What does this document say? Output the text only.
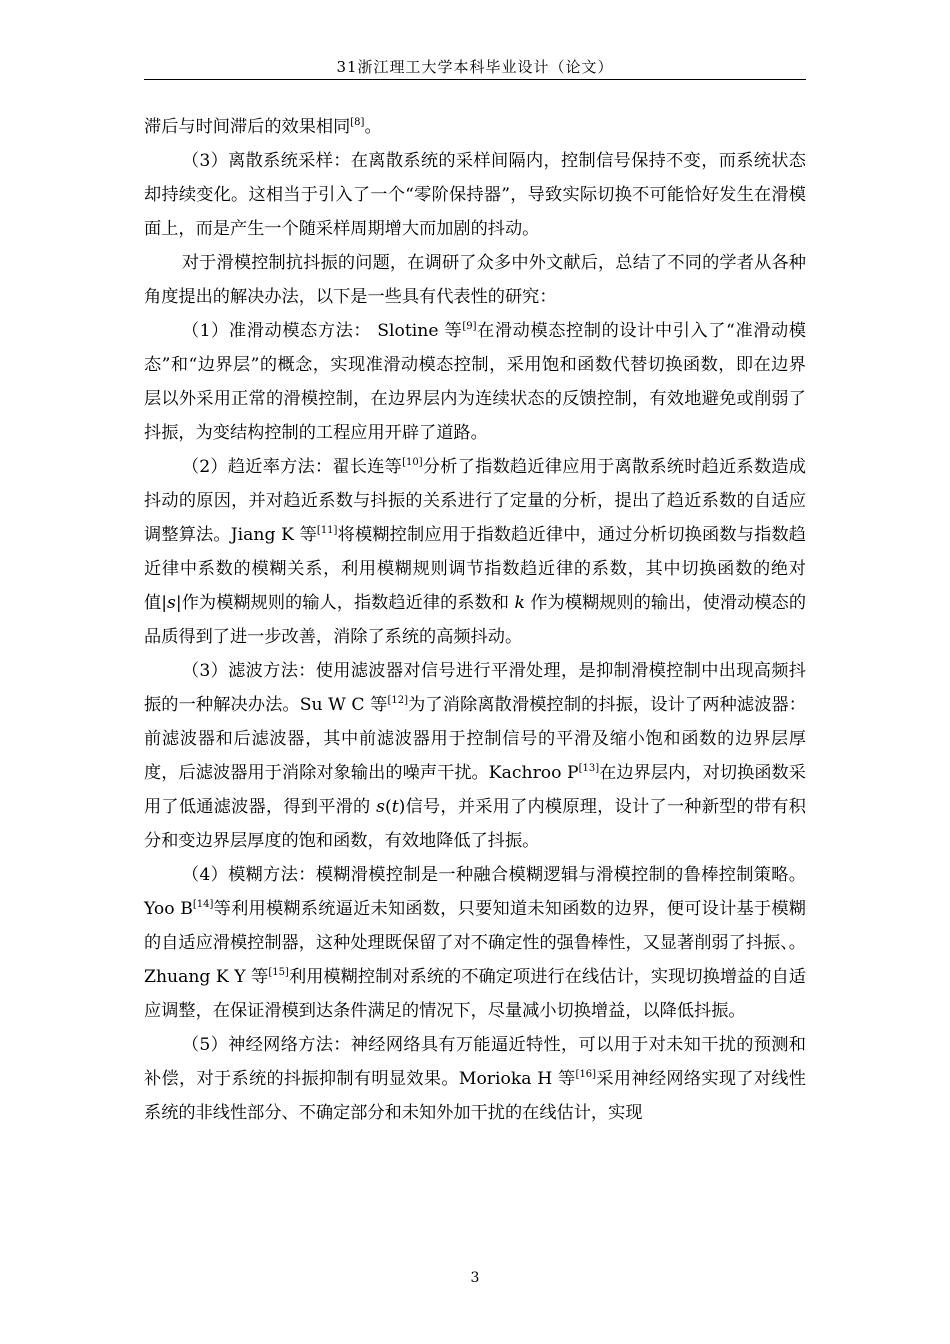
31浙江理工大学本科毕业设计（论文）

滞后与时间滞后的效果相同[8]。

（3）离散系统采样：在离散系统的采样间隔内，控制信号保持不变，而系统状态却持续变化。这相当于引入了一个“零阶保持器”，导致实际切换不可能恰好发生在滑模面上，而是产生一个随采样周期增大而加剧的抖动。

对于滑模控制抗抖振的问题，在调研了众多中外文献后，总结了不同的学者从各种角度提出的解决办法，以下是一些具有代表性的研究：

（1）准滑动模态方法： Slotine 等[9]在滑动模态控制的设计中引入了“准滑动模态”和“边界层”的概念，实现准滑动模态控制，采用饱和函数代替切换函数，即在边界层以外采用正常的滑模控制，在边界层内为连续状态的反馈控制，有效地避免或削弱了抖振，为变结构控制的工程应用开辟了道路。

（2）趋近率方法：翟长连等[10]分析了指数趋近律应用于离散系统时趋近系数造成抖动的原因，并对趋近系数与抖振的关系进行了定量的分析，提出了趋近系数的自适应调整算法。Jiang K 等[11]将模糊控制应用于指数趋近律中，通过分析切换函数与指数趋近律中系数的模糊关系，利用模糊规则调节指数趋近律的系数，其中切换函数的绝对值|s|作为模糊规则的输人，指数趋近律的系数和 k 作为模糊规则的输出，使滑动模态的品质得到了进一步改善，消除了系统的高频抖动。

（3）滤波方法：使用滤波器对信号进行平滑处理，是抑制滑模控制中出现高频抖振的一种解决办法。Su W C 等[12]为了消除离散滑模控制的抖振，设计了两种滤波器：前滤波器和后滤波器，其中前滤波器用于控制信号的平滑及缩小饱和函数的边界层厚度，后滤波器用于消除对象输出的噪声干扰。Kachroo P[13]在边界层内，对切换函数采用了低通滤波器，得到平滑的 s(t)信号，并采用了内模原理，设计了一种新型的带有积分和变边界层厚度的饱和函数，有效地降低了抖振。

（4）模糊方法：模糊滑模控制是一种融合模糊逻辑与滑模控制的鲁棒控制策略。Yoo B[14]等利用模糊系统逼近未知函数，只要知道未知函数的边界，便可设计基于模糊的自适应滑模控制器，这种处理既保留了对不确定性的强鲁棒性，又显著削弱了抖振、。Zhuang K Y 等[15]利用模糊控制对系统的不确定项进行在线估计，实现切换增益的自适应调整，在保证滑模到达条件满足的情况下，尽量减小切换增益，以降低抖振。

（5）神经网络方法：神经网络具有万能逼近特性，可以用于对未知干扰的预测和补偿，对于系统的抖振抑制有明显效果。Morioka H 等[16]采用神经网络实现了对线性系统的非线性部分、不确定部分和未知外加干扰的在线估计，实现

3
